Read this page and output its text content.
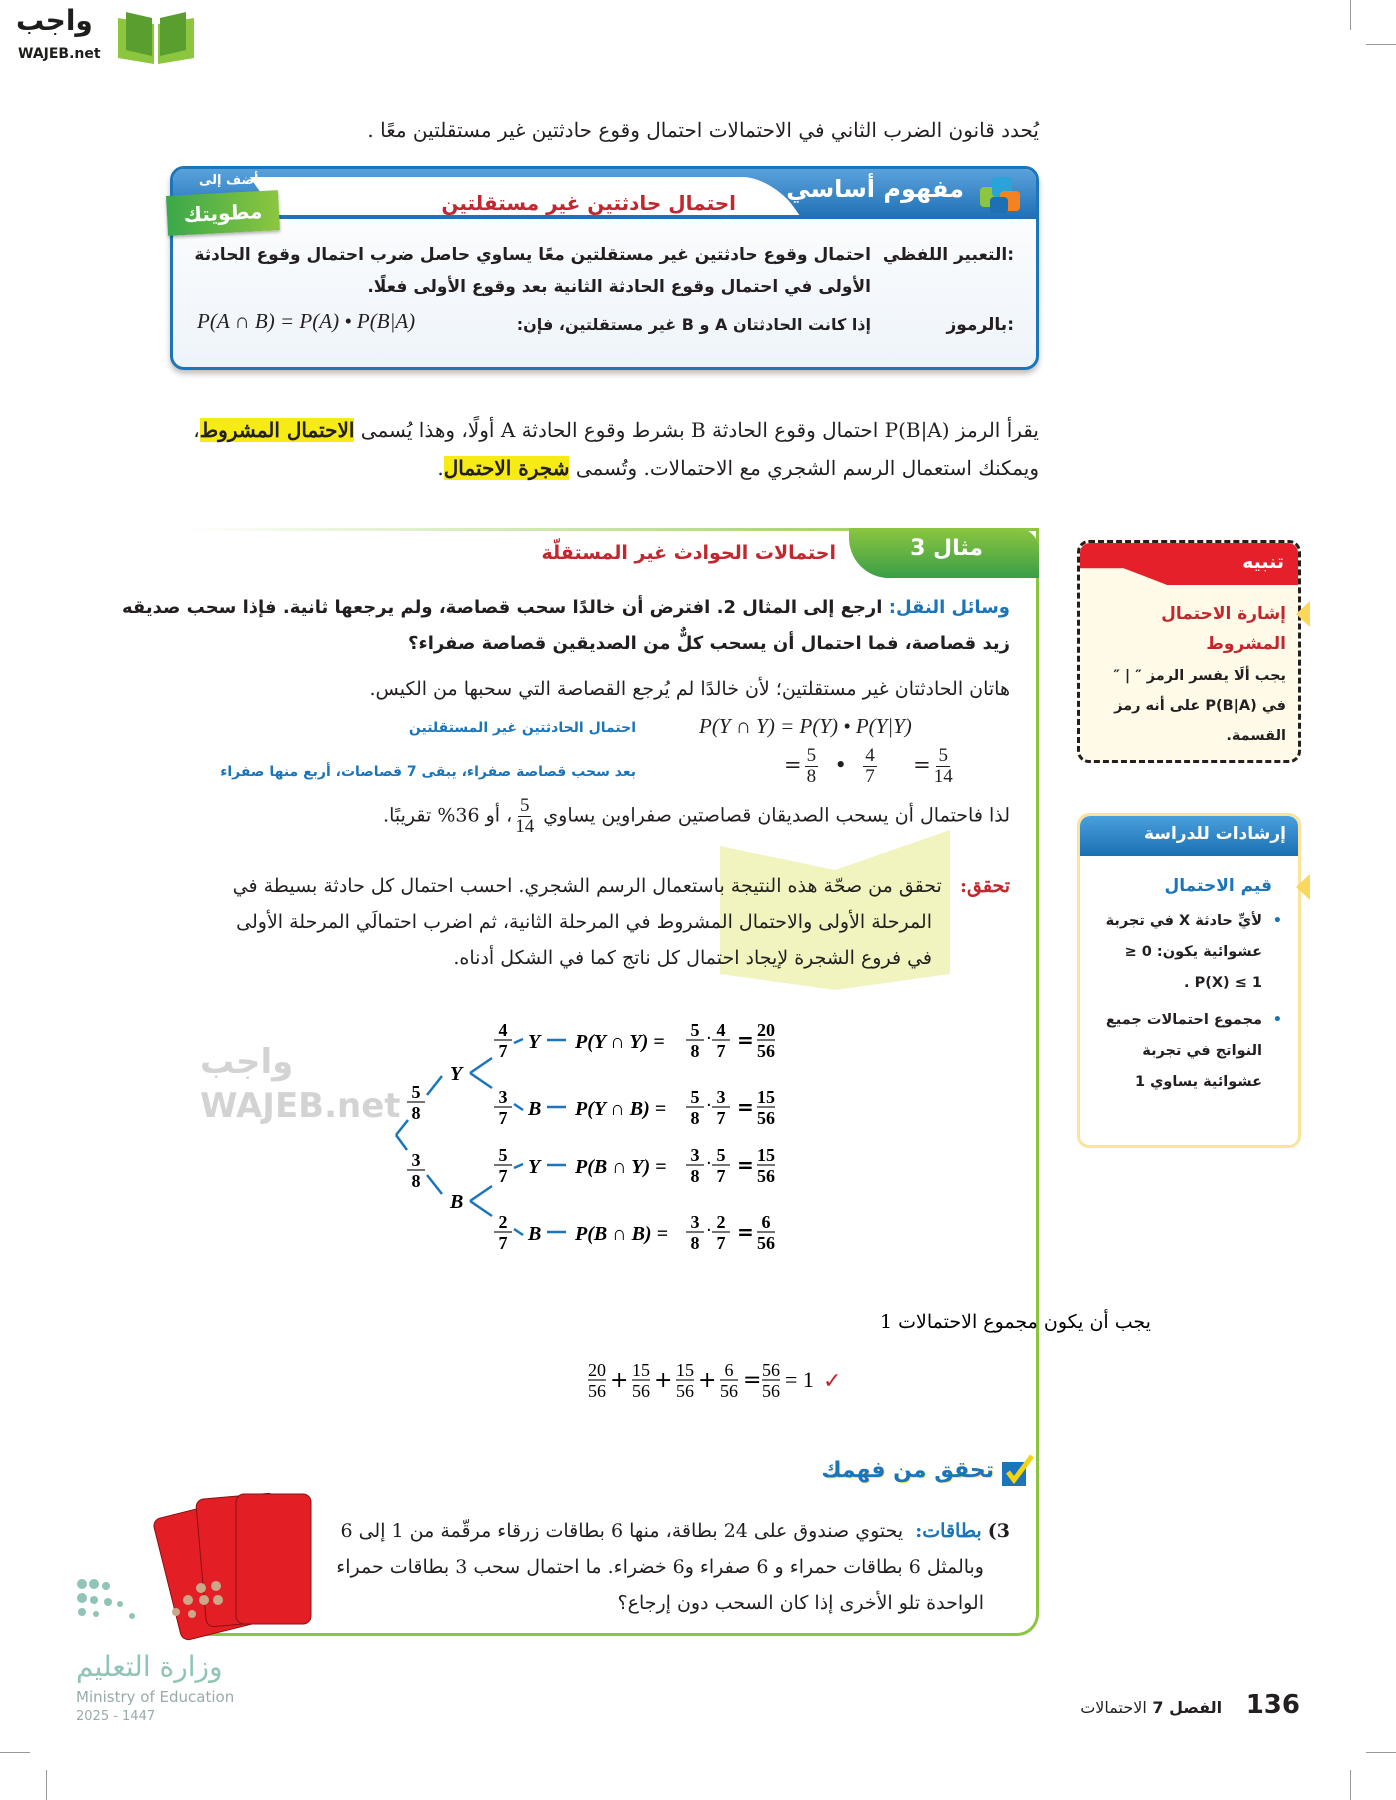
واجب
WAJEB.net
يُحدد قانون الضرب الثاني في الاحتمالات احتمال وقوع حادثتين غير مستقلتين معًا .
مفهوم أساسي
احتمال حادثتين غير مستقلتين
أضف إلى
مطويتك
التعبير اللفظي:
احتمال وقوع حادثتين غير مستقلتين معًا يساوي حاصل ضرب احتمال وقوع الحادثة
الأولى في احتمال وقوع الحادثة الثانية بعد وقوع الأولى فعلًا.
بالرموز:
إذا كانت الحادثتان A و B غير مستقلتين، فإن:
P(A ∩ B) = P(A) • P(B|A)
يقرأ الرمز P(B|A) احتمال وقوع الحادثة B بشرط وقوع الحادثة A أولًا، وهذا يُسمى الاحتمال المشروط،
ويمكنك استعمال الرسم الشجري مع الاحتمالات. وتُسمى شجرة الاحتمال.
واجب WAJEB.net
مثال 3
احتمالات الحوادث غير المستقلّة
وسائل النقل: ارجع إلى المثال 2. افترض أن خالدًا سحب قصاصة، ولم يرجعها ثانية. فإذا سحب صديقه
زيد قصاصة، فما احتمال أن يسحب كلٌّ من الصديقين قصاصة صفراء؟
هاتان الحادثتان غير مستقلتين؛ لأن خالدًا لم يُرجع القصاصة التي سحبها من الكيس.
P(Y ∩ Y) = P(Y) • P(Y|Y)
احتمال الحادثتين غير المستقلتين
= $\frac{5}{8}$ • $\frac{4}{7} = \frac{5}{14}$
بعد سحب قصاصة صفراء، يبقى 7 قصاصات، أربع منها صفراء
لذا فاحتمال أن يسحب الصديقان قصاصتين صفراوين يساوي
$\frac{5}{14}$
، أو 36% تقريبًا.
تحقق:   تحقق من صحّة هذه النتيجة باستعمال الرسم الشجري. احسب احتمال كل حادثة بسيطة في
المرحلة الأولى والاحتمال المشروط في المرحلة الثانية، ثم اضرب احتمالَي المرحلة الأولى
في فروع الشجرة لإيجاد احتمال كل ناتج كما في الشكل أدناه.
تحقق من فهمك
3) بطاقات:  يحتوي صندوق على 24 بطاقة، منها 6 بطاقات زرقاء مرقّمة من 1 إلى 6
وبالمثل 6 بطاقات حمراء و 6 صفراء و6 خضراء. ما احتمال سحب 3 بطاقات حمراء
الواحدة تلو الأخرى إذا كان السحب دون إرجاع؟
5
8
3
8
Y
B
4
7 Y P(Y ∩ Y) =
5
8
· 4
7 = 20
56
3
7 B P(Y ∩ B) =
5
8
· 3
7 = 15
56
5
7 Y P(B ∩ Y) =
3
8
· 5
7 = 15
56
2
7 B P(B ∩ B) =
3
8
· 2
7 = 6
56
يجب أن يكون مجموع الاحتمالات 1
20
56 + 15
56 + 15
56 + 6
56 = 56
56 = 1 ✓
تنبيه
إشارة الاحتمال المشروط
يجب ألَا يفسر الرمز ″ | ″ في P(B|A) على أنه رمز القسمة.
إرشادات للدراسة
قيم الاحتمال
• لأيِّ حادثة X في تجربة عشوائية يكون: 0 ≤ P(X) ≤ 1 .
• مجموع احتمالات جميع النواتج في تجربة عشوائية يساوي 1
وزارة التعليم
Ministry of Education
2025 - 1447	136 الفصل 7 الاحتمالات
